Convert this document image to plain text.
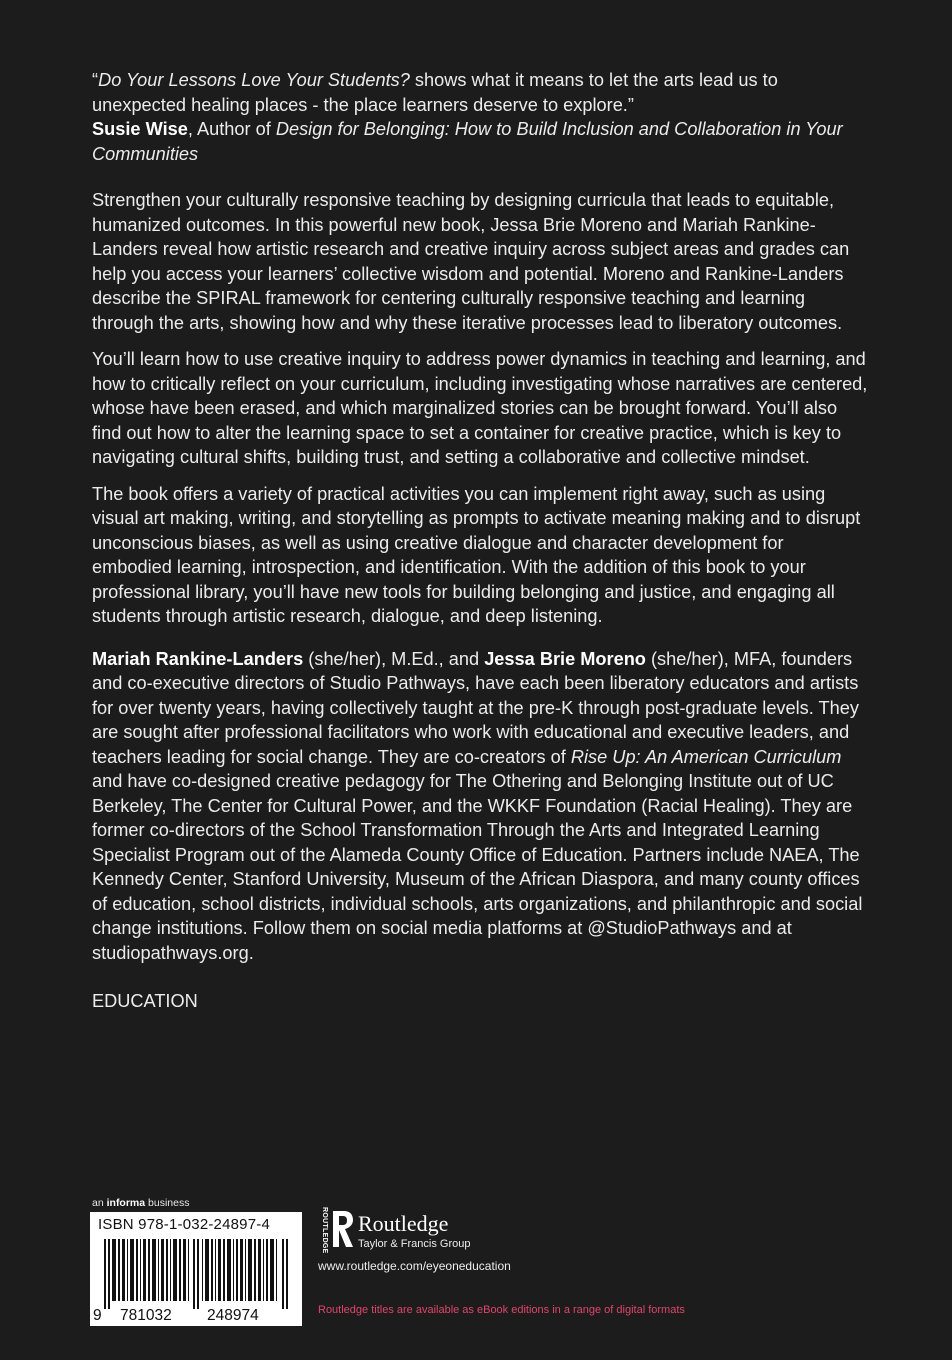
“Do Your Lessons Love Your Students? shows what it means to let the arts lead us to unexpected healing places - the place learners deserve to explore.”
Susie Wise, Author of Design for Belonging: How to Build Inclusion and Collaboration in Your Communities

Strengthen your culturally responsive teaching by designing curricula that leads to equitable, humanized outcomes. In this powerful new book, Jessa Brie Moreno and Mariah Rankine-Landers reveal how artistic research and creative inquiry across subject areas and grades can help you access your learners’ collective wisdom and potential. Moreno and Rankine-Landers describe the SPIRAL framework for centering culturally responsive teaching and learning through the arts, showing how and why these iterative processes lead to liberatory outcomes.

You’ll learn how to use creative inquiry to address power dynamics in teaching and learning, and how to critically reflect on your curriculum, including investigating whose narratives are centered, whose have been erased, and which marginalized stories can be brought forward. You’ll also find out how to alter the learning space to set a container for creative practice, which is key to navigating cultural shifts, building trust, and setting a collaborative and collective mindset.

The book offers a variety of practical activities you can implement right away, such as using visual art making, writing, and storytelling as prompts to activate meaning making and to disrupt unconscious biases, as well as using creative dialogue and character development for embodied learning, introspection, and identification. With the addition of this book to your professional library, you’ll have new tools for building belonging and justice, and engaging all students through artistic research, dialogue, and deep listening.

Mariah Rankine-Landers (she/her), M.Ed., and Jessa Brie Moreno (she/her), MFA, founders and co-executive directors of Studio Pathways, have each been liberatory educators and artists for over twenty years, having collectively taught at the pre-K through post-graduate levels. They are sought after professional facilitators who work with educational and executive leaders, and teachers leading for social change. They are co-creators of Rise Up: An American Curriculum and have co-designed creative pedagogy for The Othering and Belonging Institute out of UC Berkeley, The Center for Cultural Power, and the WKKF Foundation (Racial Healing). They are former co-directors of the School Transformation Through the Arts and Integrated Learning Specialist Program out of the Alameda County Office of Education. Partners include NAEA, The Kennedy Center, Stanford University, Museum of the African Diaspora, and many county offices of education, school districts, individual schools, arts organizations, and philanthropic and social change institutions. Follow them on social media platforms at @StudioPathways and at studiopathways.org.

EDUCATION

an informa business
ISBN 978-1-032-24897-4
9 781032 248974
ROUTLEDGE Routledge
Taylor & Francis Group
www.routledge.com/eyeoneducation
Routledge titles are available as eBook editions in a range of digital formats
